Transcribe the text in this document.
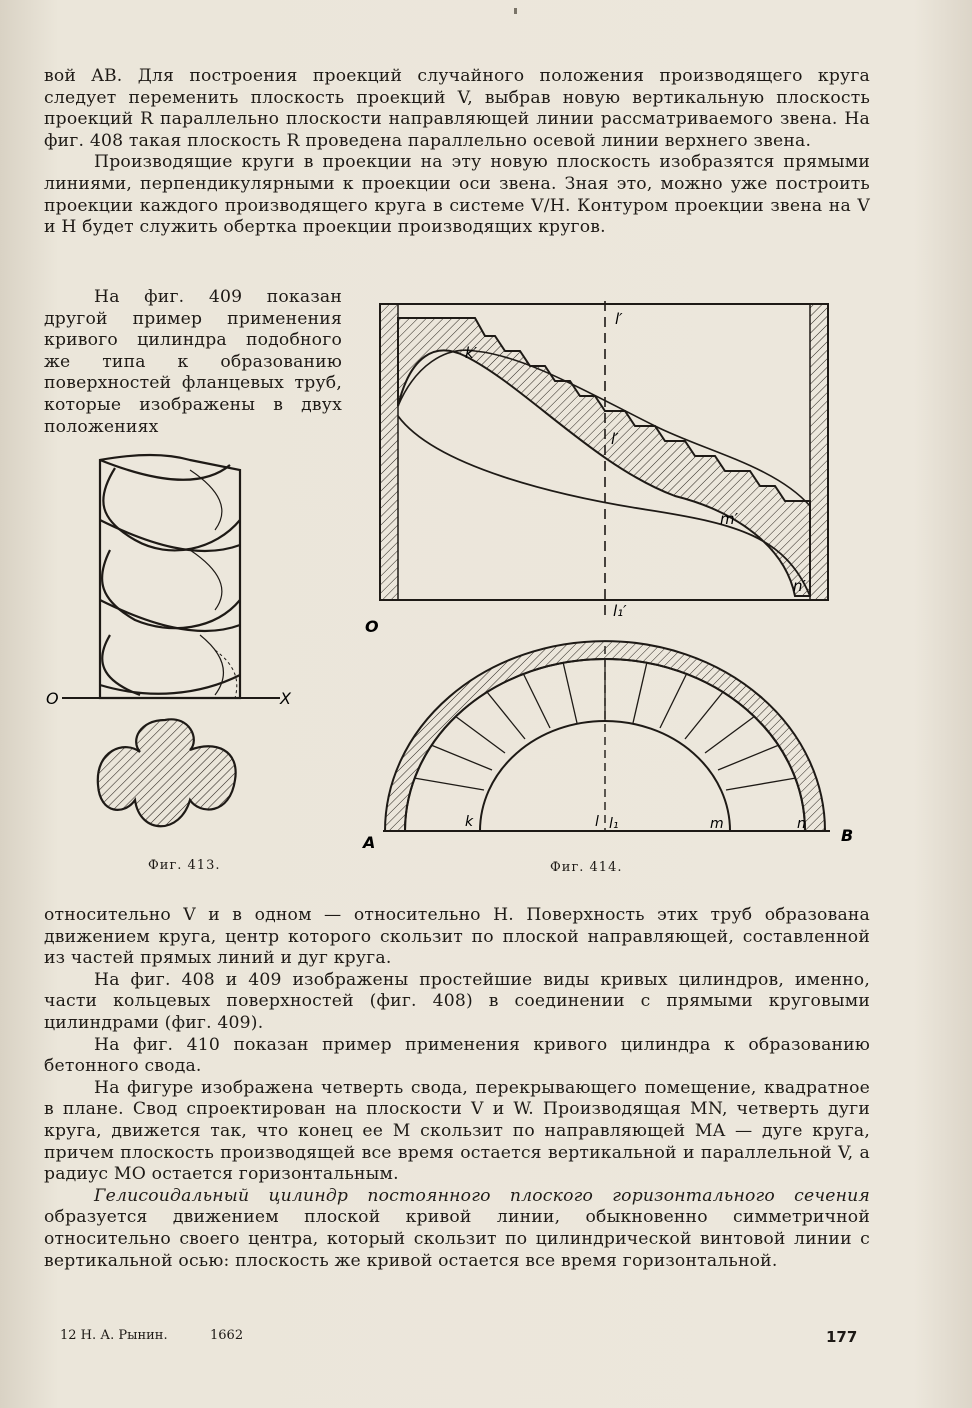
вой AB. Для построения проекций случайного положения производящего круга следует переменить плоскость проекций V, выбрав новую вертикальную плоскость проекций R параллельно плоскости направляющей линии рассматриваемого звена. На фиг. 408 такая плоскость R проведена параллельно осевой линии верхнего звена.

Производящие круги в проекции на эту новую плоскость изобразятся прямыми линиями, перпендикулярными к проекции оси звена. Зная это, можно уже построить проекции каждого производящего круга в системе V/H. Контуром проекции звена на V и H будет служить обертка проекции производящих кругов.

На фиг. 409 показан другой пример применения кривого цилиндра подобного же типа к образованию поверхностей фланцевых труб, которые изображены в двух положениях
O	X
Фиг. 413.
l′
k′
l′
m′
n′
l₁′
O
A	B
k	l l₁	m	n
Фиг. 414.

относительно V и в одном — относительно H. Поверхность этих труб образована движением круга, центр которого скользит по плоской направляющей, составленной из частей прямых линий и дуг круга.

На фиг. 408 и 409 изображены простейшие виды кривых цилиндров, именно, части кольцевых поверхностей (фиг. 408) в соединении с прямыми круговыми цилиндрами (фиг. 409).

На фиг. 410 показан пример применения кривого цилиндра к образованию бетонного свода.

На фигуре изображена четверть свода, перекрывающего помещение, квадратное в плане. Свод спроектирован на плоскости V и W. Производящая MN, четверть дуги круга, движется так, что конец ее M скользит по направляющей MA — дуге круга, причем плоскость производящей все время остается вертикальной и параллельной V, а радиус MO остается горизонтальным.

Гелисоидальный цилиндр постоянного плоского горизонтального сечения образуется движением плоской кривой линии, обыкновенно симметричной относительно своего центра, который скользит по цилиндрической винтовой линии с вертикальной осью: плоскость же кривой остается все время горизонтальной.

12 Н. А. Рынин.	1662	177
